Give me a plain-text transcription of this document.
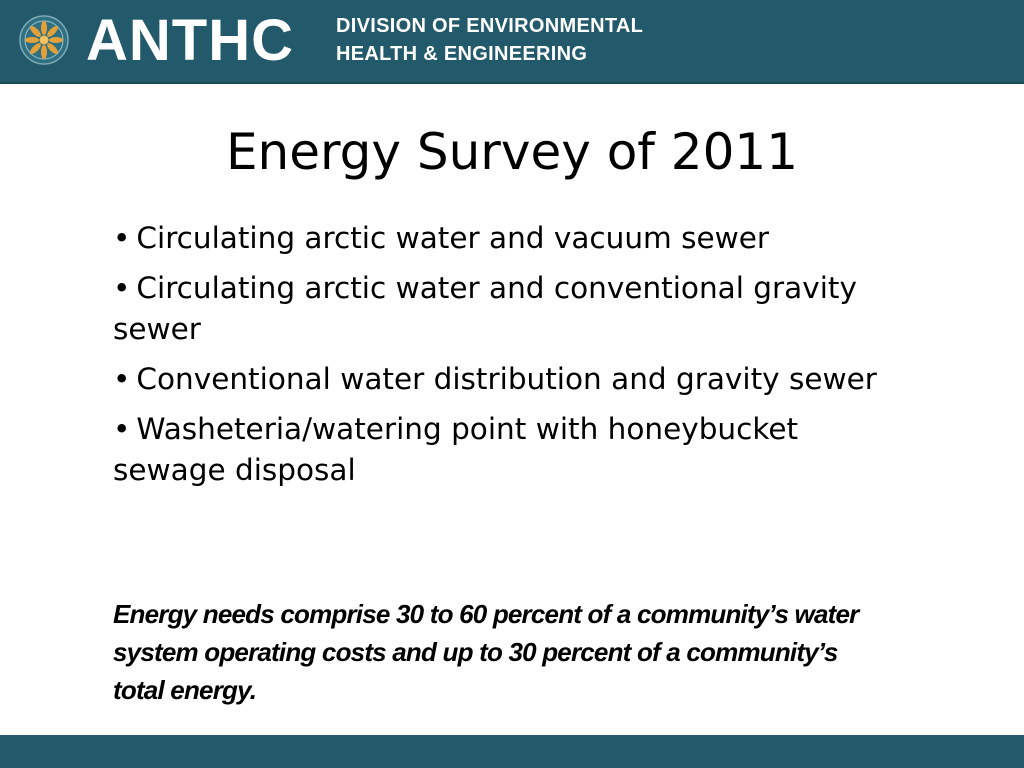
ANTHC DIVISION OF ENVIRONMENTAL
HEALTH & ENGINEERING
Energy Survey of 2011
• Circulating arctic water and vacuum sewer
• Circulating arctic water and conventional gravity sewer
• Conventional water distribution and gravity sewer
• Washeteria/watering point with honeybucket sewage disposal
Energy needs comprise 30 to 60 percent of a community’s water system operating costs and up to 30 percent of a community’s total energy.
